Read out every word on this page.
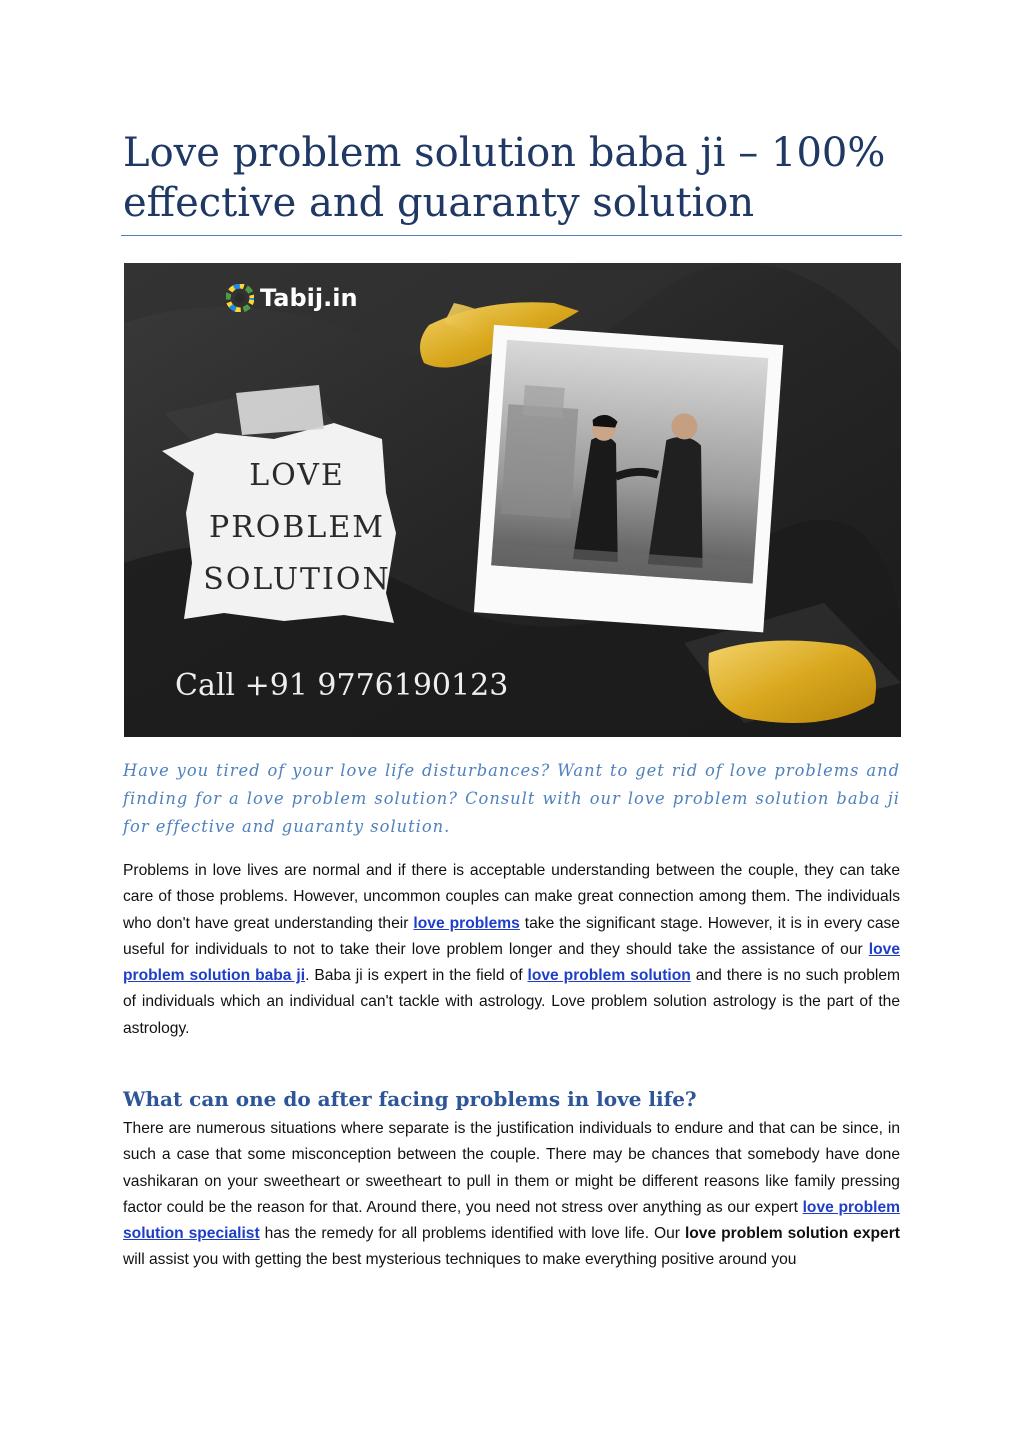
Love problem solution baba ji – 100% effective and guaranty solution
Tabij.in
LOVE
PROBLEM
SOLUTION
Call +91 9776190123

Have you tired of your love life disturbances? Want to get rid of love problems and finding for a love problem solution? Consult with our love problem solution baba ji for effective and guaranty solution.

Problems in love lives are normal and if there is acceptable understanding between the couple, they can take care of those problems. However, uncommon couples can make great connection among them. The individuals who don't have great understanding their love problems take the significant stage. However, it is in every case useful for individuals to not to take their love problem longer and they should take the assistance of our love problem solution baba ji. Baba ji is expert in the field of love problem solution and there is no such problem of individuals which an individual can't tackle with astrology. Love problem solution astrology is the part of the astrology.

What can one do after facing problems in love life?

There are numerous situations where separate is the justification individuals to endure and that can be since, in such a case that some misconception between the couple. There may be chances that somebody have done vashikaran on your sweetheart or sweetheart to pull in them or might be different reasons like family pressing factor could be the reason for that. Around there, you need not stress over anything as our expert love problem solution specialist has the remedy for all problems identified with love life. Our love problem solution expert will assist you with getting the best mysterious techniques to make everything positive around you
